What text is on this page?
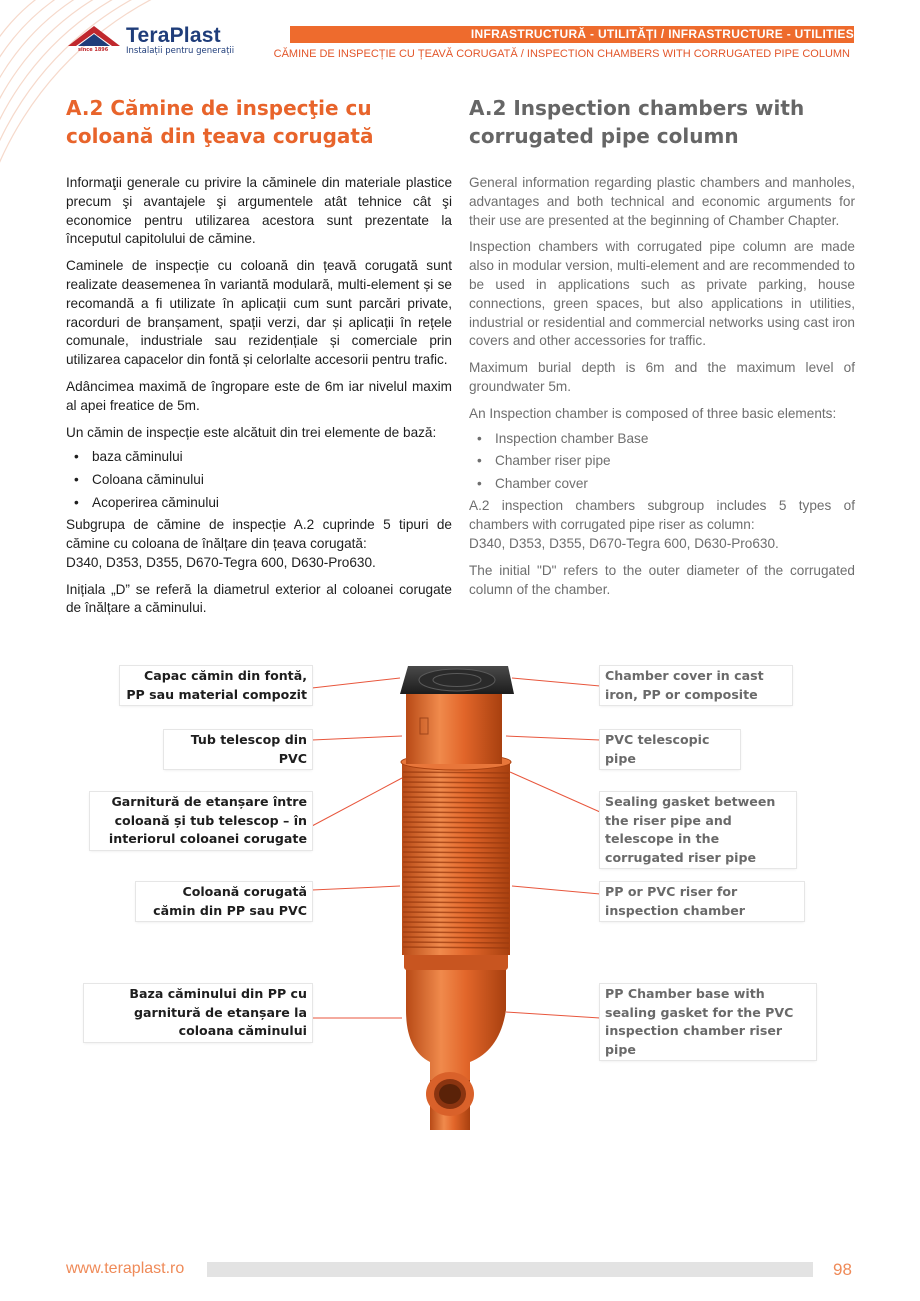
since 1896
TeraPlast
Instalații pentru generații
INFRASTRUCTURĂ - UTILITĂȚI / INFRASTRUCTURE - UTILITIES
CĂMINE DE INSPECȚIE CU ȚEAVĂ CORUGATĂ / INSPECTION CHAMBERS WITH CORRUGATED PIPE COLUMN
A.2 Cămine de inspecţie cu coloană din ţeava corugată
A.2 Inspection chambers with corrugated pipe column

Informaţii generale cu privire la căminele din materiale plastice precum şi avantajele şi argumentele atât tehnice cât şi economice pentru utilizarea acestora sunt prezentate la începutul capitolului de cămine.

Caminele de inspecție cu coloană din țeavă corugată sunt realizate deasemenea în variantă modulară, multi-element și se recomandă a fi utilizate în aplicații cum sunt parcări private, racorduri de branșament, spații verzi, dar și aplicații în rețele comunale, industriale sau rezidențiale și comerciale prin utilizarea capacelor din fontă și celorlalte accesorii pentru trafic.

Adâncimea maximă de îngropare este de 6m iar nivelul maxim al apei freatice de 5m.

Un cămin de inspecție este alcătuit din trei elemente de bază:

• baza căminului
• Coloana căminului
• Acoperirea căminului

Subgrupa de cămine de inspecție A.2 cuprinde 5 tipuri de cămine cu coloana de înălțare din țeava corugată:

D340, D353, D355, D670-Tegra 600, D630-Pro630.

Inițiala „D” se referă la diametrul exterior al coloanei corugate de înălțare a căminului.

General information regarding plastic chambers and manholes, advantages and both technical and economic arguments for their use are presented at the beginning of Chamber Chapter.

Inspection chambers with corrugated pipe column are made also in modular version, multi-element and are recommended to be used in applications such as private parking, house connections, green spaces, but also applications in utilities, industrial or residential and commercial networks using cast iron covers and other accessories for traffic.

Maximum burial depth is 6m and the maximum level of groundwater 5m.

An Inspection chamber is composed of three basic elements:

• Inspection chamber Base
• Chamber riser pipe
• Chamber cover

A.2 inspection chambers subgroup includes 5 types of chambers with corrugated pipe riser as column:

D340, D353, D355, D670-Tegra 600, D630-Pro630.

The initial "D" refers to the outer diameter of the corrugated column of the chamber.

Capac cămin din fontă, PP sau material compozit
Tub telescop din PVC
Garnitură de etanșare între coloană și tub telescop – în interiorul coloanei corugate
Coloană corugată cămin din PP sau PVC
Baza căminului din PP cu garnitură de etanșare la coloana căminului
Chamber cover in cast iron, PP or composite
PVC telescopic pipe
Sealing gasket between the riser pipe and telescope in the corrugated riser pipe
PP or PVC riser for inspection chamber
PP Chamber base with sealing gasket for the PVC inspection chamber riser pipe
www.teraplast.ro	98
